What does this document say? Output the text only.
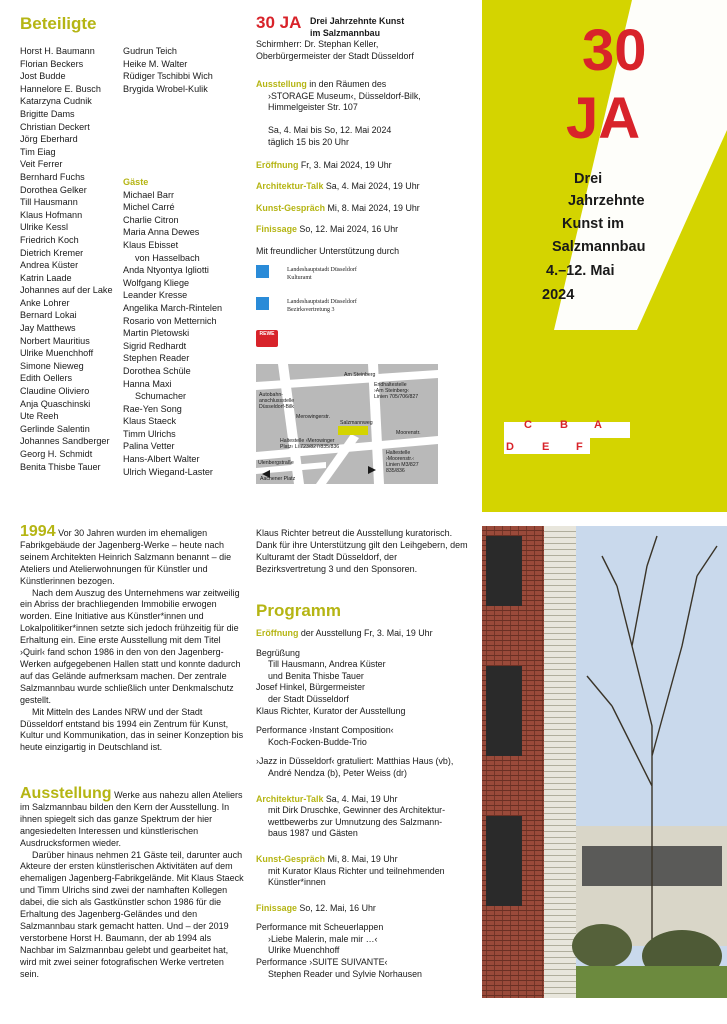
Beteiligte
Horst H. Baumann
Florian Beckers
Jost Budde
Hannelore E. Busch
Katarzyna Cudnik
Brigitte Dams
Christian Deckert
Jörg Eberhard
Tim Eiag
Veit Ferrer
Bernhard Fuchs
Dorothea Gelker
Till Hausmann
Klaus Hofmann
Ulrike Kessl
Friedrich Koch
Dietrich Kremer
Andrea Küster
Katrin Laade
Johannes auf der Lake
Anke Lohrer
Bernard Lokai
Jay Matthews
Norbert Mauritius
Ulrike Muenchhoff
Simone Nieweg
Edith Oellers
Claudine Oliviero
Anja Quaschinski
Ute Reeh
Gerlinde Salentin
Johannes Sandberger
Georg H. Schmidt
Benita Thisbe Tauer
Gudrun Teich
Heike M. Walter
Rüdiger Tschibbi Wich
Brygida Wrobel-Kulik
Gäste
Michael Barr
Michel Carré
Charlie Citron
Maria Anna Dewes
Klaus Ebisset
von Hasselbach
Anda Ntyontya Igliotti
Wolfgang Kliege
Leander Kresse
Angelika March-Rintelen
Rosario von Metternich
Martin Pletowski
Sigrid Redhardt
Stephen Reader
Dorothea Schüle
Hanna Maxi
Schumacher
Rae-Yen Song
Klaus Staeck
Timm Ulrichs
Palina Vetter
Hans-Albert Walter
Ulrich Wiegand-Laster
30 JA Drei Jahrzehnte Kunst

im Salzmannbau

Schirmherr: Dr. Stephan Keller,

Oberbürgermeister der Stadt Düsseldorf

Ausstellung in den Räumen des

›STORAGE Museum‹, Düsseldorf-Bilk,

Himmelgeister Str. 107

Sa, 4. Mai bis So, 12. Mai 2024

täglich 15 bis 20 Uhr

Eröffnung Fr, 3. Mai 2024, 19 Uhr

Architektur-Talk Sa, 4. Mai 2024, 19 Uhr

Kunst-Gespräch Mi, 8. Mai 2024, 19 Uhr

Finissage So, 12. Mai 2024, 16 Uhr

Mit freundlicher Unterstützung durch
Landeshauptstadt Düsseldorf
Kulturamt
Landeshauptstadt Düsseldorf
Bezirksvertretung 3
REWE
Am Steinberg
Autobahn-
anschlussstelle
Düsseldorf-Bilk
Endhaltestelle
›Am Steinberg‹
Linien 705/706/827
Haltestelle ›Merowinger
Platz‹ Li 723/827/835/836
Haltestelle
›Moorenstr.‹
Linien M3/827
835/836
Moorenstr.
Aachener Platz
Ulenbergstraße
Salzmannweg
Merowingerstr.
30
JA
Drei
Jahrzehnte
Kunst im
Salzmannbau
4.–12. Mai
2024
C	B A
D	E F

1994 Vor 30 Jahren wurden im ehemaligen Fabrikgebäude der Jagenberg-Werke – heute nach seinem Architekten Heinrich Salzmann benannt – die Ateliers und Atelierwohnungen für Künstler und Künstlerinnen bezogen.

Nach dem Auszug des Unternehmens war zeitweilig ein Abriss der brachliegenden Immobilie erwogen worden. Eine Initiative aus Künstler*innen und Lokalpolitiker*innen setzte sich jedoch frühzeitig für die Erhaltung ein. Eine erste Ausstellung mit dem Titel ›Quirl‹ fand schon 1986 in den von den Jagenberg-Werken aufgegebenen Hallen statt und konnte dadurch auf das Gelände aufmerksam machen. Der zentrale Salzmannbau wurde schließlich unter Denkmalschutz gestellt.

Mit Mitteln des Landes NRW und der Stadt Düsseldorf entstand bis 1994 ein Zentrum für Kunst, Kultur und Kommunikation, das in seiner Konzeption bis heute einzigartig in Deutschland ist.

Ausstellung Werke aus nahezu allen Ateliers im Salzmannbau bilden den Kern der Ausstellung. In ihnen spiegelt sich das ganze Spektrum der hier angesiedelten Interessen und künstlerischen Ausdrucksformen wieder.

Darüber hinaus nehmen 21 Gäste teil, darunter auch Akteure der ersten künstlerischen Aktivitäten auf dem ehemaligen Jagenberg-Fabrikgelände. Mit Klaus Staeck und Timm Ulrichs sind zwei der namhaften Kollegen dabei, die sich als Gastkünstler schon 1986 für die Erhaltung des Jagenberg-Geländes und den Salzmannbau stark gemacht hatten. Und – der 2019 verstorbene Horst H. Baumann, der ab 1994 als Nachbar im Salzmannbau gelebt und gearbeitet hat, wird mit zwei seiner fotografischen Werke vertreten sein.

Klaus Richter betreut die Ausstellung kuratorisch. Dank für ihre Unterstützung gilt den Leihgebern, dem Kulturamt der Stadt Düsseldorf, der Bezirksvertretung 3 und den Sponsoren.
Programm

Eröffnung der Ausstellung Fr, 3. Mai, 19 Uhr

Begrüßung

Till Hausmann, Andrea Küster

und Benita Thisbe Tauer

Josef Hinkel, Bürgermeister

der Stadt Düsseldorf

Klaus Richter, Kurator der Ausstellung

Performance ›Instant Composition‹

Koch-Focken-Budde-Trio

›Jazz in Düsseldorf‹ gratuliert: Matthias Haus (vb),

André Nendza (b), Peter Weiss (dr)

Architektur-Talk Sa, 4. Mai, 19 Uhr

mit Dirk Druschke, Gewinner des Architektur-

wettbewerbs zur Umnutzung des Salzmann-

baus 1987 und Gästen

Kunst-Gespräch Mi, 8. Mai, 19 Uhr

mit Kurator Klaus Richter und teilnehmenden

Künstler*innen

Finissage So, 12. Mai, 16 Uhr

Performance mit Scheuerlappen

›Liebe Malerin, male mir …‹

Ulrike Muenchhoff

Performance ›SUITE SUIVANTE‹

Stephen Reader und Sylvie Norhausen
